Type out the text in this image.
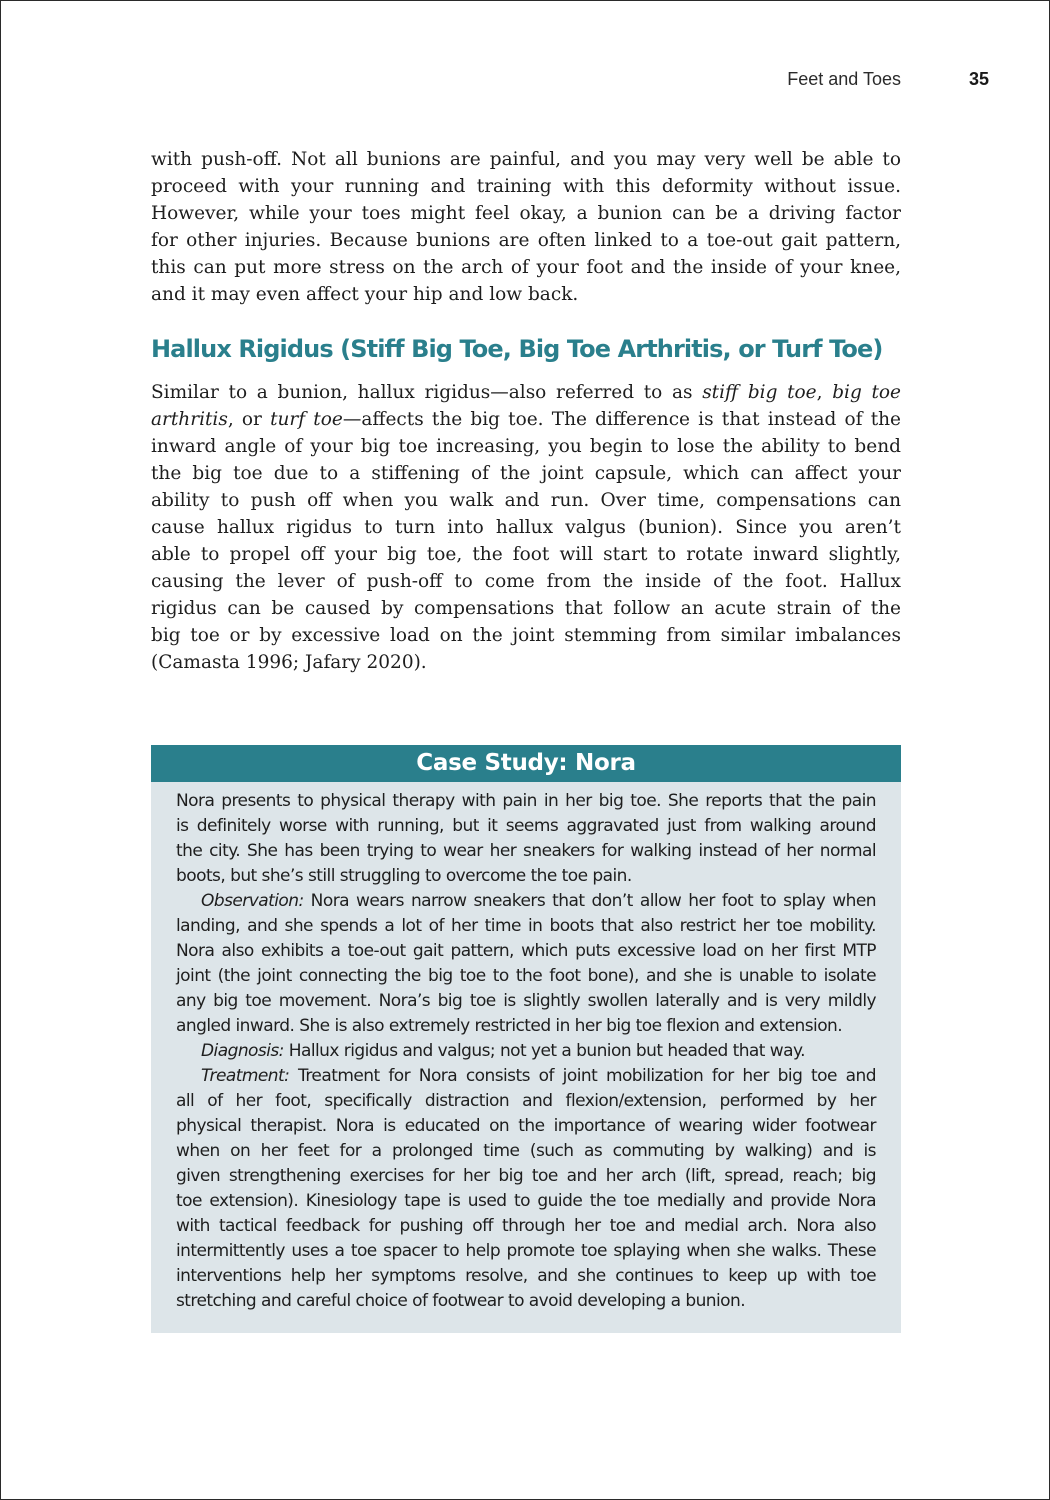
Feet and Toes	35
with push-off. Not all bunions are painful, and you may very well be able to
proceed with your running and training with this deformity without issue.
However, while your toes might feel okay, a bunion can be a driving factor
for other injuries. Because bunions are often linked to a toe-out gait pattern,
this can put more stress on the arch of your foot and the inside of your knee,
and it may even affect your hip and low back.
Hallux Rigidus (Stiff Big Toe, Big Toe Arthritis, or Turf Toe)
Similar to a bunion, hallux rigidus—also referred to as stiff big toe, big toe
arthritis, or turf toe—affects the big toe. The difference is that instead of the
inward angle of your big toe increasing, you begin to lose the ability to bend
the big toe due to a stiffening of the joint capsule, which can affect your
ability to push off when you walk and run. Over time, compensations can
cause hallux rigidus to turn into hallux valgus (bunion). Since you aren’t
able to propel off your big toe, the foot will start to rotate inward slightly,
causing the lever of push-off to come from the inside of the foot. Hallux
rigidus can be caused by compensations that follow an acute strain of the
big toe or by excessive load on the joint stemming from similar imbalances
(Camasta 1996; Jafary 2020).
Case Study: Nora
Nora presents to physical therapy with pain in her big toe. She reports that the pain
is definitely worse with running, but it seems aggravated just from walking around
the city. She has been trying to wear her sneakers for walking instead of her normal
boots, but she’s still struggling to overcome the toe pain.
Observation: Nora wears narrow sneakers that don’t allow her foot to splay when
landing, and she spends a lot of her time in boots that also restrict her toe mobility.
Nora also exhibits a toe-out gait pattern, which puts excessive load on her first MTP
joint (the joint connecting the big toe to the foot bone), and she is unable to isolate
any big toe movement. Nora’s big toe is slightly swollen laterally and is very mildly
angled inward. She is also extremely restricted in her big toe flexion and extension.
Diagnosis: Hallux rigidus and valgus; not yet a bunion but headed that way.
Treatment: Treatment for Nora consists of joint mobilization for her big toe and
all of her foot, specifically distraction and flexion/extension, performed by her
physical therapist. Nora is educated on the importance of wearing wider footwear
when on her feet for a prolonged time (such as commuting by walking) and is
given strengthening exercises for her big toe and her arch (lift, spread, reach; big
toe extension). Kinesiology tape is used to guide the toe medially and provide Nora
with tactical feedback for pushing off through her toe and medial arch. Nora also
intermittently uses a toe spacer to help promote toe splaying when she walks. These
interventions help her symptoms resolve, and she continues to keep up with toe
stretching and careful choice of footwear to avoid developing a bunion.
